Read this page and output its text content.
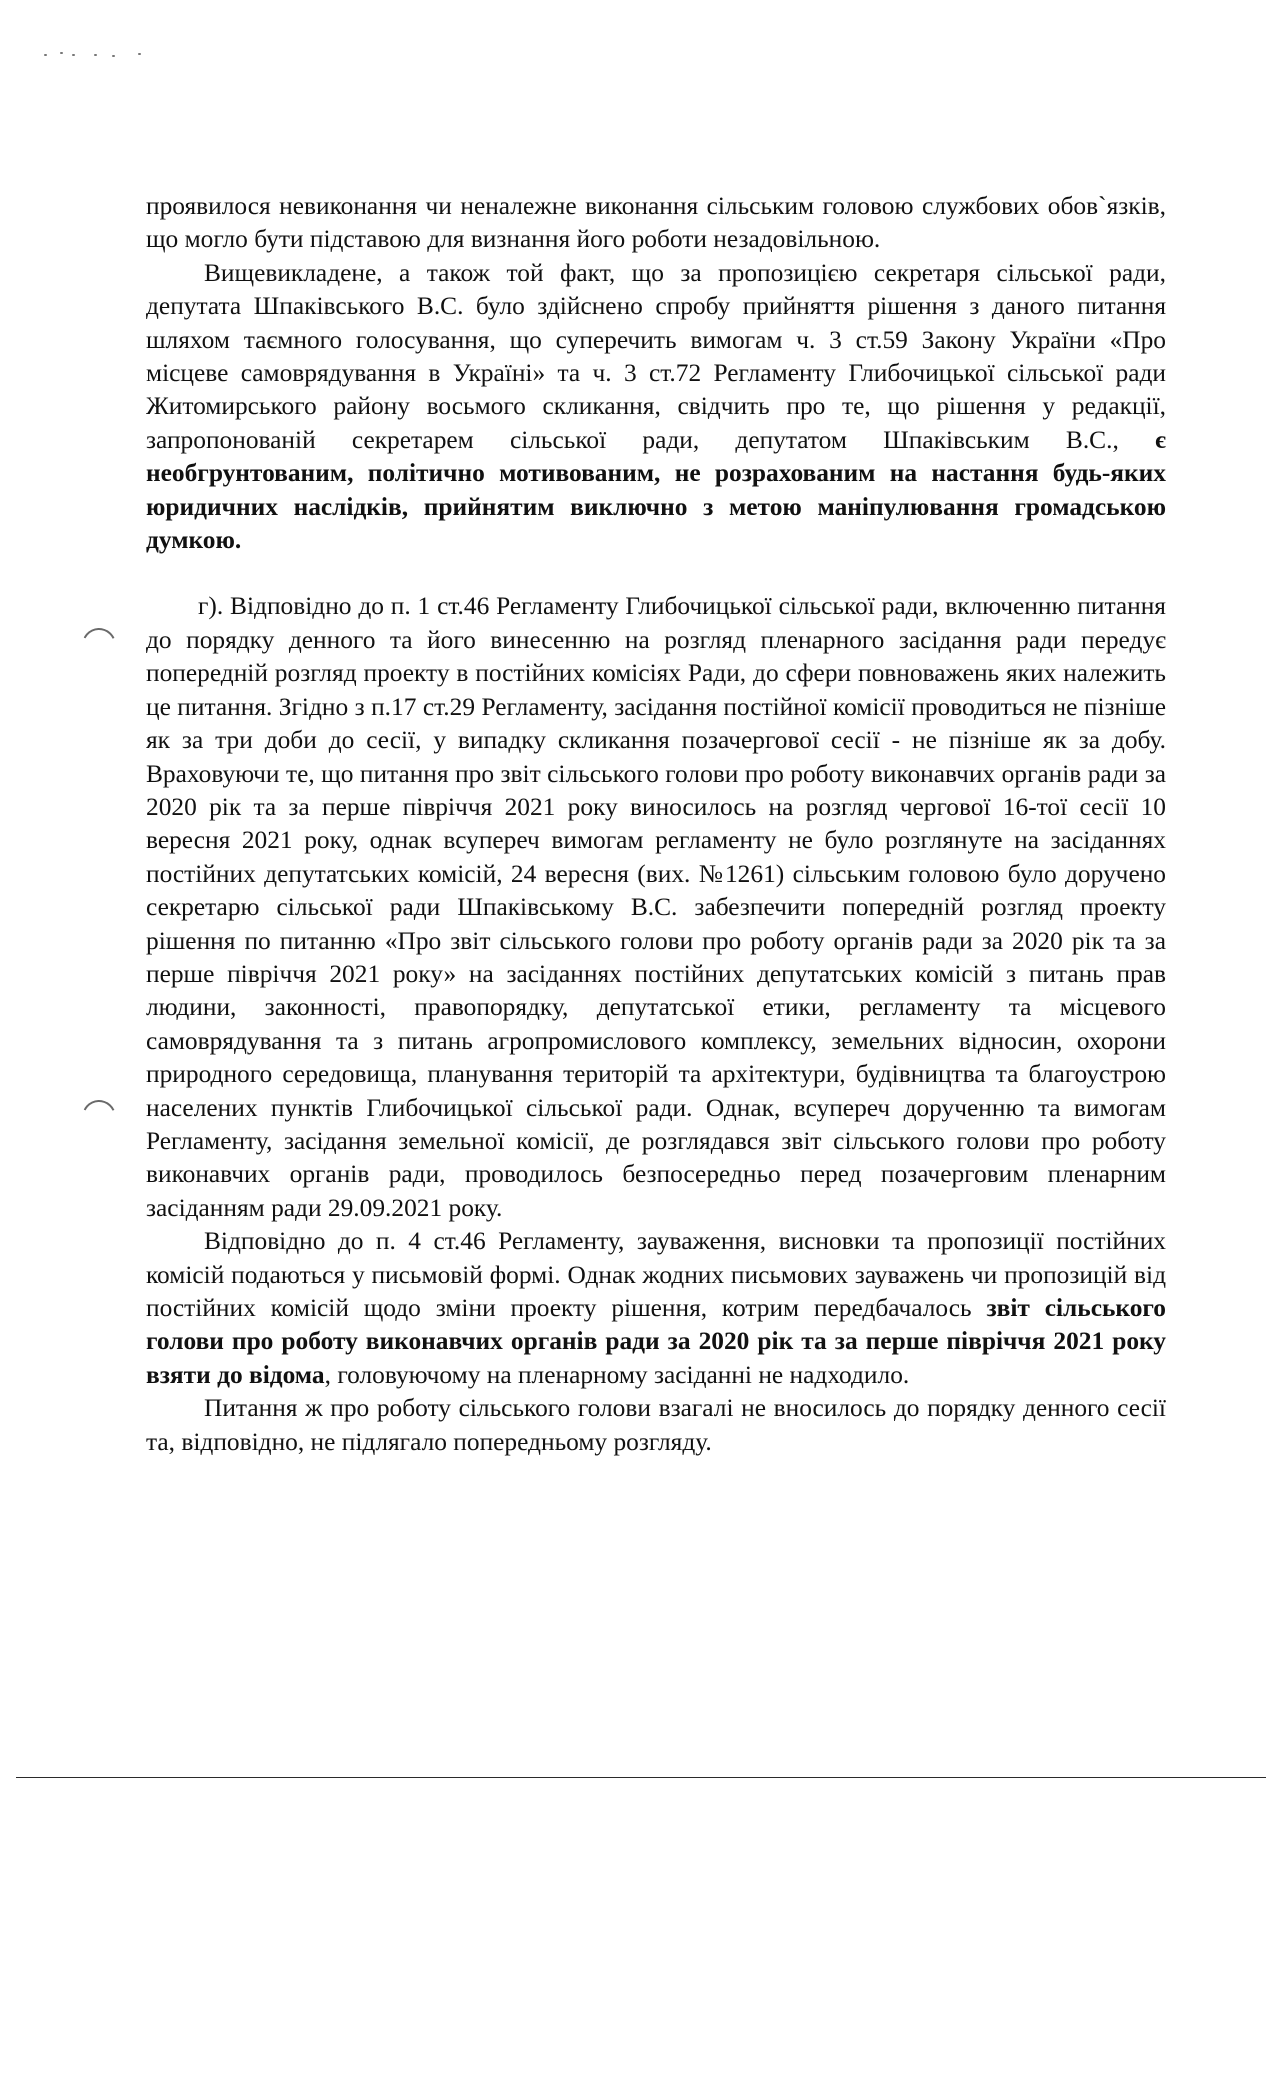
проявилося невиконання чи неналежне виконання сільським головою службових обов`язків, що могло бути підставою для визнання його роботи незадовільною.

Вищевикладене, а також той факт, що за пропозицією секретаря сільської ради, депутата Шпаківського В.С. було здійснено спробу прийняття рішення з даного питання шляхом таємного голосування, що суперечить вимогам ч. 3 ст.59 Закону України «Про місцеве самоврядування в Україні» та ч. 3 ст.72 Регламенту Глибочицької сільської ради Житомирського району восьмого скликання, свідчить про те, що рішення у редакції, запропонованій секретарем сільської ради, депутатом Шпаківським В.С., є необгрунтованим, політично мотивованим, не розрахованим на настання будь-яких юридичних наслідків, прийнятим виключно з метою маніпулювання громадською думкою.

г). Відповідно до п. 1 ст.46 Регламенту Глибочицької сільської ради, включенню питання до порядку денного та його винесенню на розгляд пленарного засідання ради передує попередній розгляд проекту в постійних комісіях Ради, до сфери повноважень яких належить це питання. Згідно з п.17 ст.29 Регламенту, засідання постійної комісії проводиться не пізніше як за три доби до сесії, у випадку скликання позачергової сесії - не пізніше як за добу. Враховуючи те, що питання про звіт сільського голови про роботу виконавчих органів ради за 2020 рік та за перше півріччя 2021 року виносилось на розгляд чергової 16-тої сесії 10 вересня 2021 року, однак всупереч вимогам регламенту не було розглянуте на засіданнях постійних депутатських комісій, 24 вересня (вих. №1261) сільським головою було доручено секретарю сільської ради Шпаківському В.С. забезпечити попередній розгляд проекту рішення по питанню «Про звіт сільського голови про роботу органів ради за 2020 рік та за перше півріччя 2021 року» на засіданнях постійних депутатських комісій з питань прав людини, законності, правопорядку, депутатської етики, регламенту та місцевого самоврядування та з питань агропромислового комплексу, земельних відносин, охорони природного середовища, планування територій та архітектури, будівництва та благоустрою населених пунктів Глибочицької сільської ради. Однак, всупереч дорученню та вимогам Регламенту, засідання земельної комісії, де розглядався звіт сільського голови про роботу виконавчих органів ради, проводилось безпосередньо перед позачерговим пленарним засіданням ради 29.09.2021 року.

Відповідно до п. 4 ст.46 Регламенту, зауваження, висновки та пропозиції постійних комісій подаються у письмовій формі. Однак жодних письмових зауважень чи пропозицій від постійних комісій щодо зміни проекту рішення, котрим передбачалось звіт сільського голови про роботу виконавчих органів ради за 2020 рік та за перше півріччя 2021 року взяти до відома, головуючому на пленарному засіданні не надходило.

Питання ж про роботу сільського голови взагалі не вносилось до порядку денного сесії та, відповідно, не підлягало попередньому розгляду.
